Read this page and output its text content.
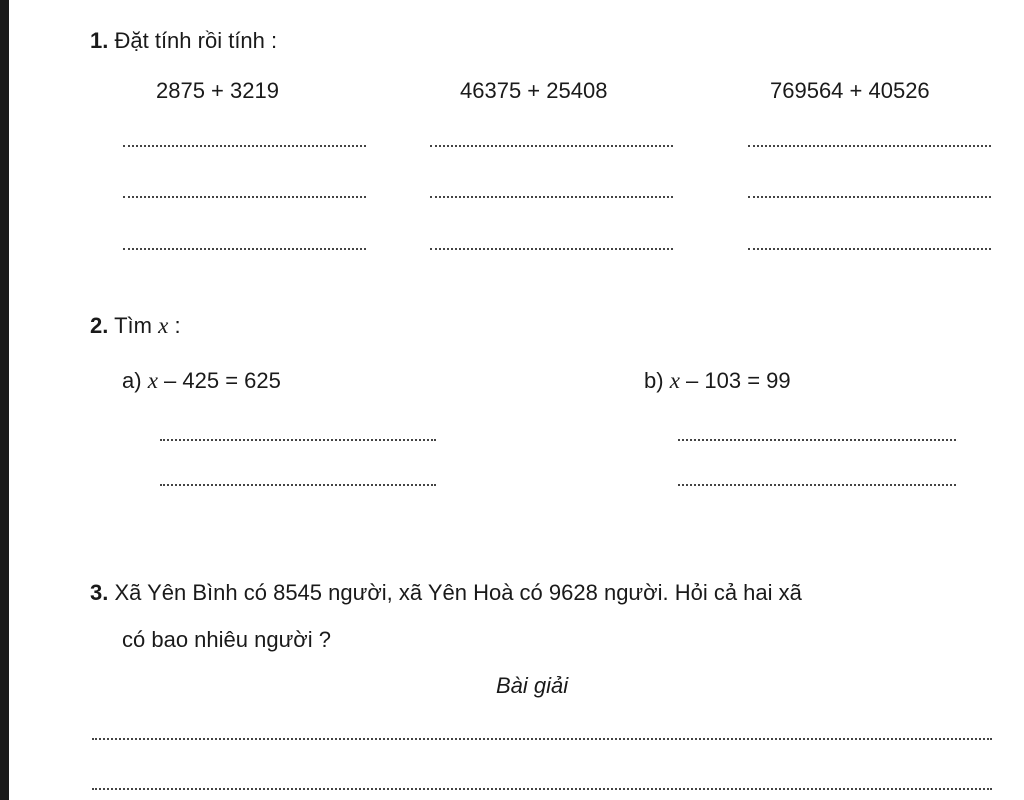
1. Đặt tính rồi tính :
2875 + 3219	46375 + 25408	769564 + 40526
2. Tìm x :
a) x – 425 = 625	b) x – 103 = 99
3. Xã Yên Bình có 8545 người, xã Yên Hoà có 9628 người. Hỏi cả hai xã
có bao nhiêu người ?
Bài giải
